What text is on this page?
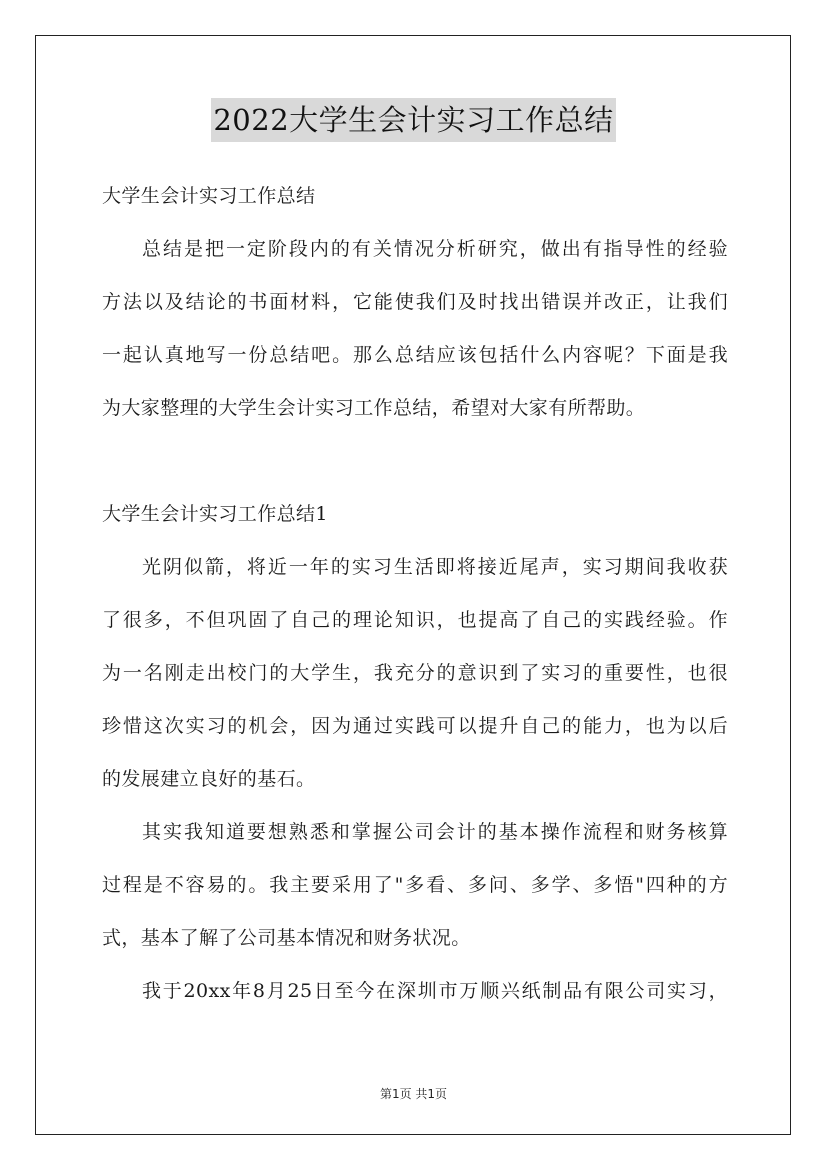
2022大学生会计实习工作总结
大学生会计实习工作总结
总结是把一定阶段内的有关情况分析研究，做出有指导性的经验
方法以及结论的书面材料，它能使我们及时找出错误并改正，让我们
一起认真地写一份总结吧。那么总结应该包括什么内容呢？下面是我
为大家整理的大学生会计实习工作总结，希望对大家有所帮助。
大学生会计实习工作总结1
光阴似箭，将近一年的实习生活即将接近尾声，实习期间我收获
了很多，不但巩固了自己的理论知识，也提高了自己的实践经验。作
为一名刚走出校门的大学生，我充分的意识到了实习的重要性，也很
珍惜这次实习的机会，因为通过实践可以提升自己的能力，也为以后
的发展建立良好的基石。
其实我知道要想熟悉和掌握公司会计的基本操作流程和财务核算
过程是不容易的。我主要采用了"多看、多问、多学、多悟"四种的方
式，基本了解了公司基本情况和财务状况。
我于20xx年8月25日至今在深圳市万顺兴纸制品有限公司实习，
第1页 共1页
